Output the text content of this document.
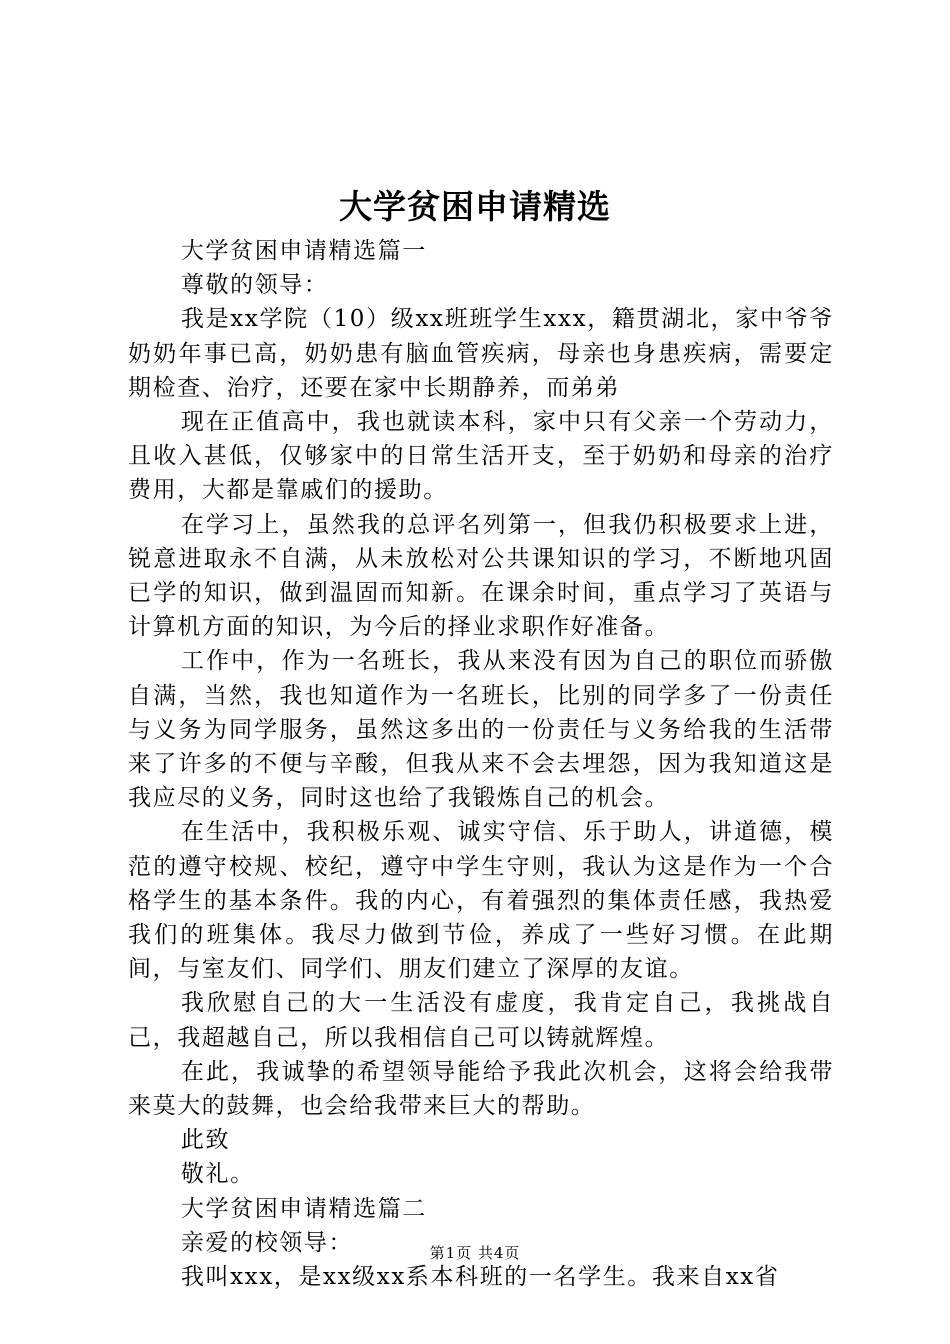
大学贫困申请精选

大学贫困申请精选篇一

尊敬的领导：

我是xx学院（10）级xx班班学生xxx，籍贯湖北，家中爷爷奶奶年事已高，奶奶患有脑血管疾病，母亲也身患疾病，需要定期检查、治疗，还要在家中长期静养，而弟弟

现在正值高中，我也就读本科，家中只有父亲一个劳动力，且收入甚低，仅够家中的日常生活开支，至于奶奶和母亲的治疗费用，大都是靠戚们的援助。

在学习上，虽然我的总评名列第一，但我仍积极要求上进，锐意进取永不自满，从未放松对公共课知识的学习，不断地巩固已学的知识，做到温固而知新。在课余时间，重点学习了英语与计算机方面的知识，为今后的择业求职作好准备。

工作中，作为一名班长，我从来没有因为自己的职位而骄傲自满，当然，我也知道作为一名班长，比别的同学多了一份责任与义务为同学服务，虽然这多出的一份责任与义务给我的生活带来了许多的不便与辛酸，但我从来不会去埋怨，因为我知道这是我应尽的义务，同时这也给了我锻炼自己的机会。

在生活中，我积极乐观、诚实守信、乐于助人，讲道德，模范的遵守校规、校纪，遵守中学生守则，我认为这是作为一个合格学生的基本条件。我的内心，有着强烈的集体责任感，我热爱我们的班集体。我尽力做到节俭，养成了一些好习惯。在此期间，与室友们、同学们、朋友们建立了深厚的友谊。

我欣慰自己的大一生活没有虚度，我肯定自己，我挑战自己，我超越自己，所以我相信自己可以铸就辉煌。

在此，我诚挚的希望领导能给予我此次机会，这将会给我带来莫大的鼓舞，也会给我带来巨大的帮助。

此致

敬礼。

大学贫困申请精选篇二

亲爱的校领导：

我叫xxx，是xx级xx系本科班的一名学生。我来自xx省

第1页 共4页
